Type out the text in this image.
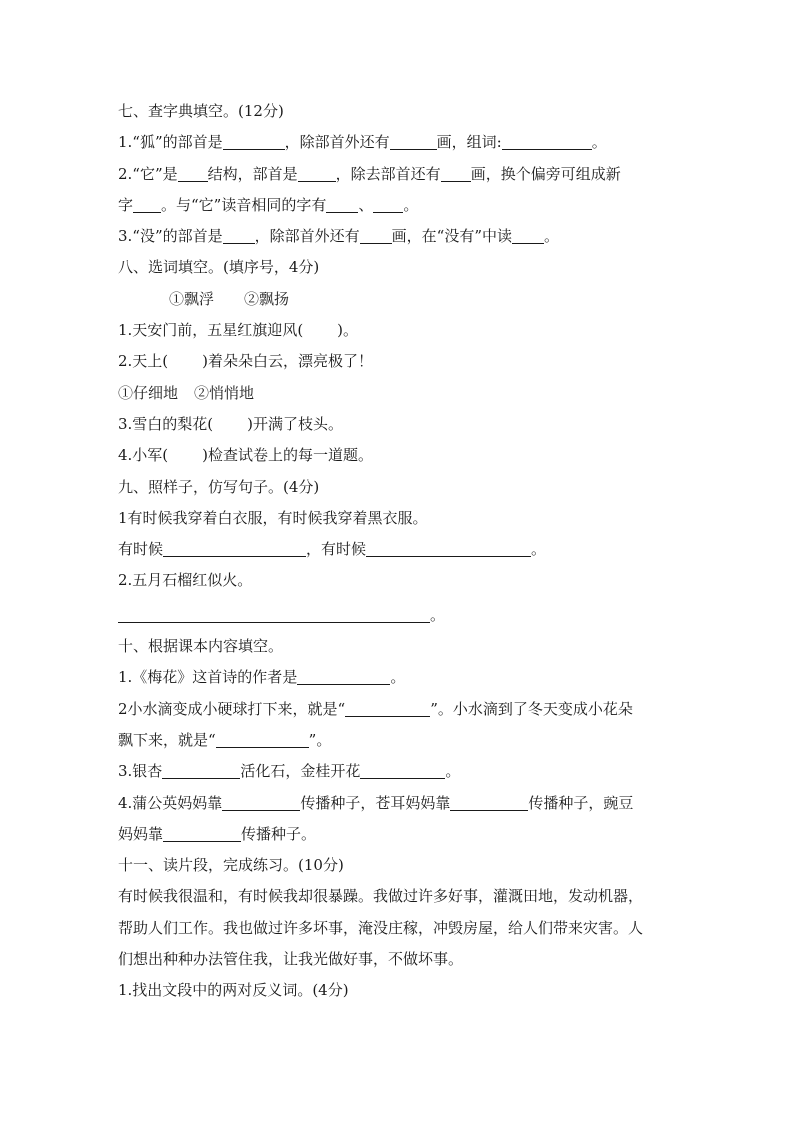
七、查字典填空。(12分)
1.“狐”的部首是	，除部首外还有	画，组词:	。
2.“它”是 结构，部首是	，除去部首还有 画，换个偏旁可组成新
字 。与“它”读音相同的字有 、 。
3.“没”的部首是 ，除部首外还有 画，在“没有”中读 。
八、选词填空。(填序号，4分)
①飘浮 ②飘扬
1.天安门前，五星红旗迎风( )。
2.天上( )着朵朵白云，漂亮极了！
①仔细地 ②悄悄地
3.雪白的梨花( )开满了枝头。
4.小军( )检查试卷上的每一道题。
九、照样子，仿写句子。(4分)
1有时候我穿着白衣服，有时候我穿着黑衣服。
有时候	，有时候	。
2.五月石榴红似火。
。
十、根据课本内容填空。
1.《梅花》这首诗的作者是	。
2小水滴变成小硬球打下来，就是“	”。小水滴到了冬天变成小花朵
飘下来，就是“	”。
3.银杏	活化石，金桂开花	。
4.蒲公英妈妈靠	传播种子，苍耳妈妈靠	传播种子，豌豆
妈妈靠	传播种子。
十一、读片段，完成练习。(10分)
有时候我很温和，有时候我却很暴躁。我做过许多好事，灌溉田地，发动机器，
帮助人们工作。我也做过许多坏事，淹没庄稼，冲毁房屋，给人们带来灾害。人
们想出种种办法管住我，让我光做好事，不做坏事。
1.找出文段中的两对反义词。(4分)
